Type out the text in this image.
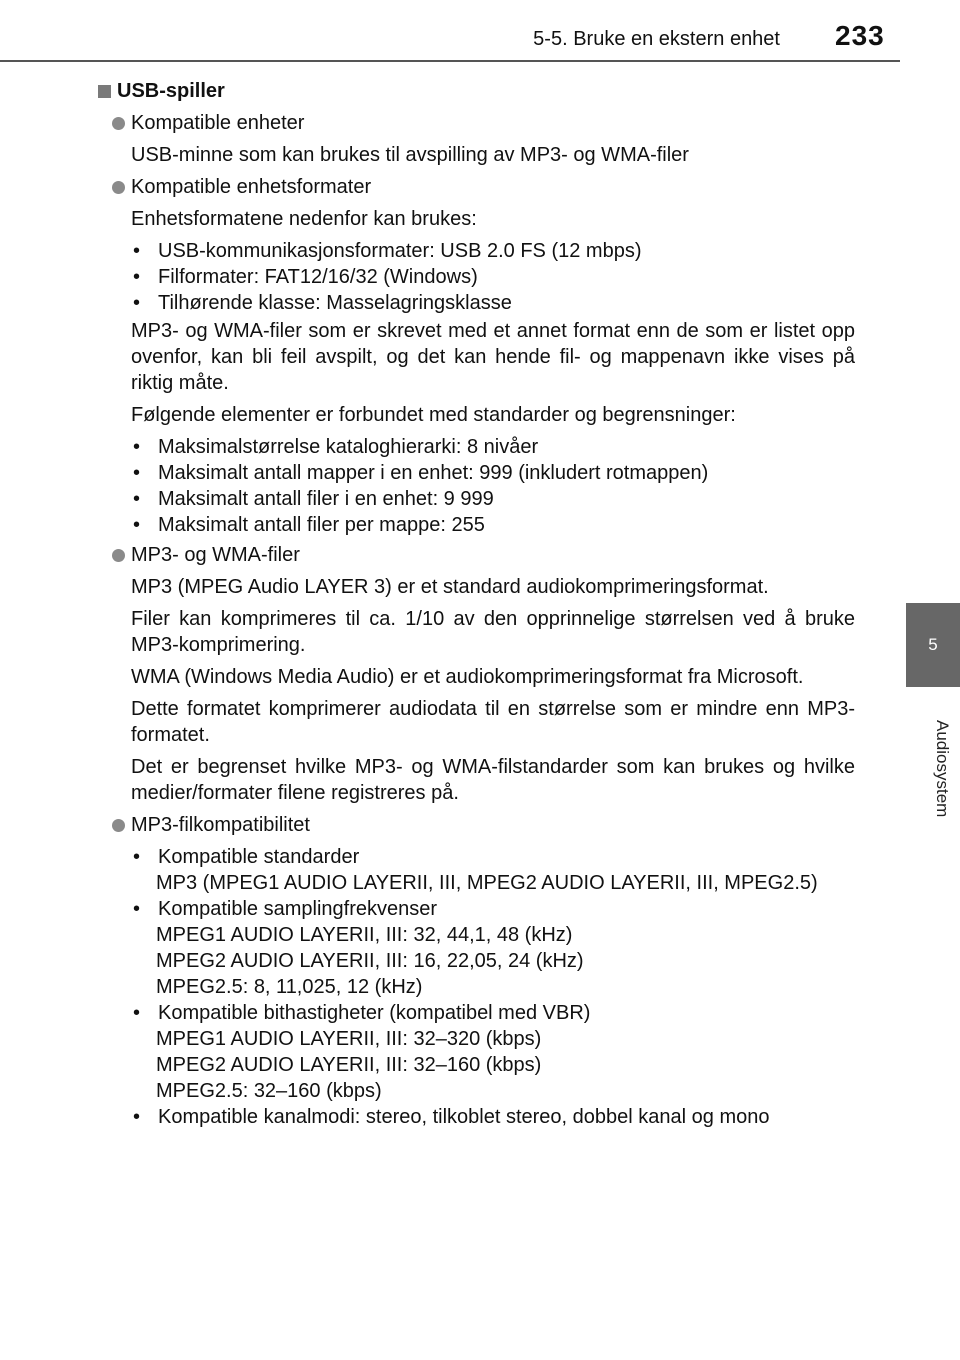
5-5. Bruke en ekstern enhet 233
5
Audiosystem
USB-spiller
Kompatible enheter
USB-minne som kan brukes til avspilling av MP3- og WMA-filer
Kompatible enhetsformater
Enhetsformatene nedenfor kan brukes:
• USB-kommunikasjonsformater: USB 2.0 FS (12 mbps)
• Filformater: FAT12/16/32 (Windows)
• Tilhørende klasse: Masselagringsklasse
MP3- og WMA-filer som er skrevet med et annet format enn de som er listet opp ovenfor, kan bli feil avspilt, og det kan hende fil- og mappenavn ikke vises på riktig måte.
Følgende elementer er forbundet med standarder og begrensninger:
• Maksimalstørrelse kataloghierarki: 8 nivåer
• Maksimalt antall mapper i en enhet: 999 (inkludert rotmappen)
• Maksimalt antall filer i en enhet: 9 999
• Maksimalt antall filer per mappe: 255
MP3- og WMA-filer
MP3 (MPEG Audio LAYER 3) er et standard audiokomprimeringsformat.
Filer kan komprimeres til ca. 1/10 av den opprinnelige størrelsen ved å bruke MP3-komprimering.
WMA (Windows Media Audio) er et audiokomprimeringsformat fra Microsoft.
Dette formatet komprimerer audiodata til en størrelse som er mindre enn MP3-formatet.
Det er begrenset hvilke MP3- og WMA-filstandarder som kan brukes og hvilke medier/formater filene registreres på.
MP3-filkompatibilitet
• Kompatible standarder
MP3 (MPEG1 AUDIO LAYERII, III, MPEG2 AUDIO LAYERII, III, MPEG2.5)
• Kompatible samplingfrekvenser
MPEG1 AUDIO LAYERII, III: 32, 44,1, 48 (kHz)
MPEG2 AUDIO LAYERII, III: 16, 22,05, 24 (kHz)
MPEG2.5: 8, 11,025, 12 (kHz)
• Kompatible bithastigheter (kompatibel med VBR)
MPEG1 AUDIO LAYERII, III: 32–320 (kbps)
MPEG2 AUDIO LAYERII, III: 32–160 (kbps)
MPEG2.5: 32–160 (kbps)
• Kompatible kanalmodi: stereo, tilkoblet stereo, dobbel kanal og mono
